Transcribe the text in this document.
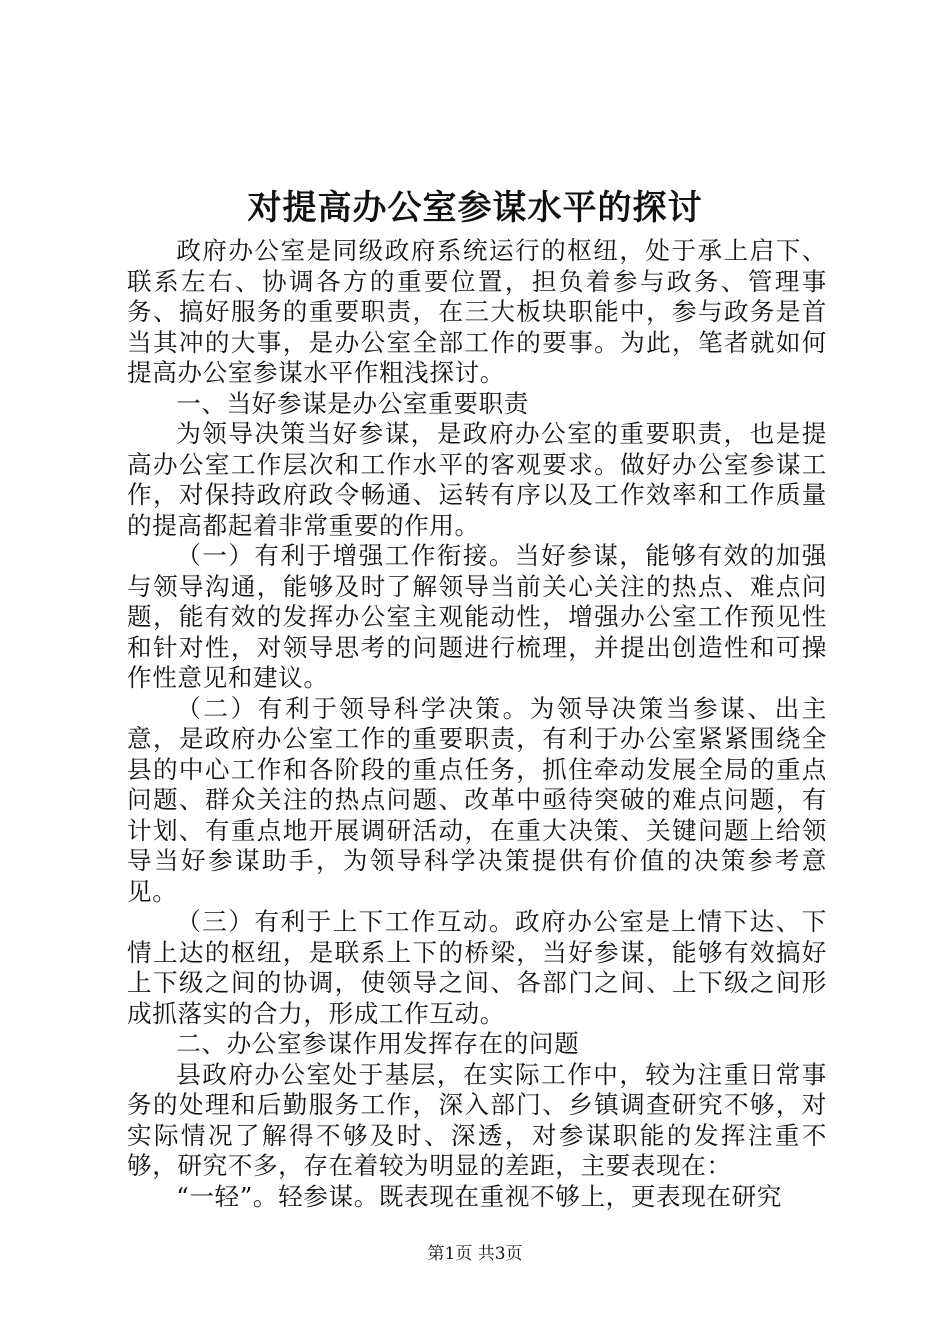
对提高办公室参谋水平的探讨

政府办公室是同级政府系统运行的枢纽，处于承上启下、联系左右、协调各方的重要位置，担负着参与政务、管理事务、搞好服务的重要职责，在三大板块职能中，参与政务是首当其冲的大事，是办公室全部工作的要事。为此，笔者就如何提高办公室参谋水平作粗浅探讨。

一、当好参谋是办公室重要职责

为领导决策当好参谋，是政府办公室的重要职责，也是提高办公室工作层次和工作水平的客观要求。做好办公室参谋工作，对保持政府政令畅通、运转有序以及工作效率和工作质量的提高都起着非常重要的作用。

（一）有利于增强工作衔接。当好参谋，能够有效的加强与领导沟通，能够及时了解领导当前关心关注的热点、难点问题，能有效的发挥办公室主观能动性，增强办公室工作预见性和针对性，对领导思考的问题进行梳理，并提出创造性和可操作性意见和建议。

（二）有利于领导科学决策。为领导决策当参谋、出主意，是政府办公室工作的重要职责，有利于办公室紧紧围绕全县的中心工作和各阶段的重点任务，抓住牵动发展全局的重点问题、群众关注的热点问题、改革中亟待突破的难点问题，有计划、有重点地开展调研活动，在重大决策、关键问题上给领导当好参谋助手，为领导科学决策提供有价值的决策参考意见。

（三）有利于上下工作互动。政府办公室是上情下达、下情上达的枢纽，是联系上下的桥梁，当好参谋，能够有效搞好上下级之间的协调，使领导之间、各部门之间、上下级之间形成抓落实的合力，形成工作互动。

二、办公室参谋作用发挥存在的问题

县政府办公室处于基层，在实际工作中，较为注重日常事务的处理和后勤服务工作，深入部门、乡镇调查研究不够，对实际情况了解得不够及时、深透，对参谋职能的发挥注重不够，研究不多，存在着较为明显的差距，主要表现在：

“一轻”。轻参谋。既表现在重视不够上，更表现在研究

第1页 共3页
